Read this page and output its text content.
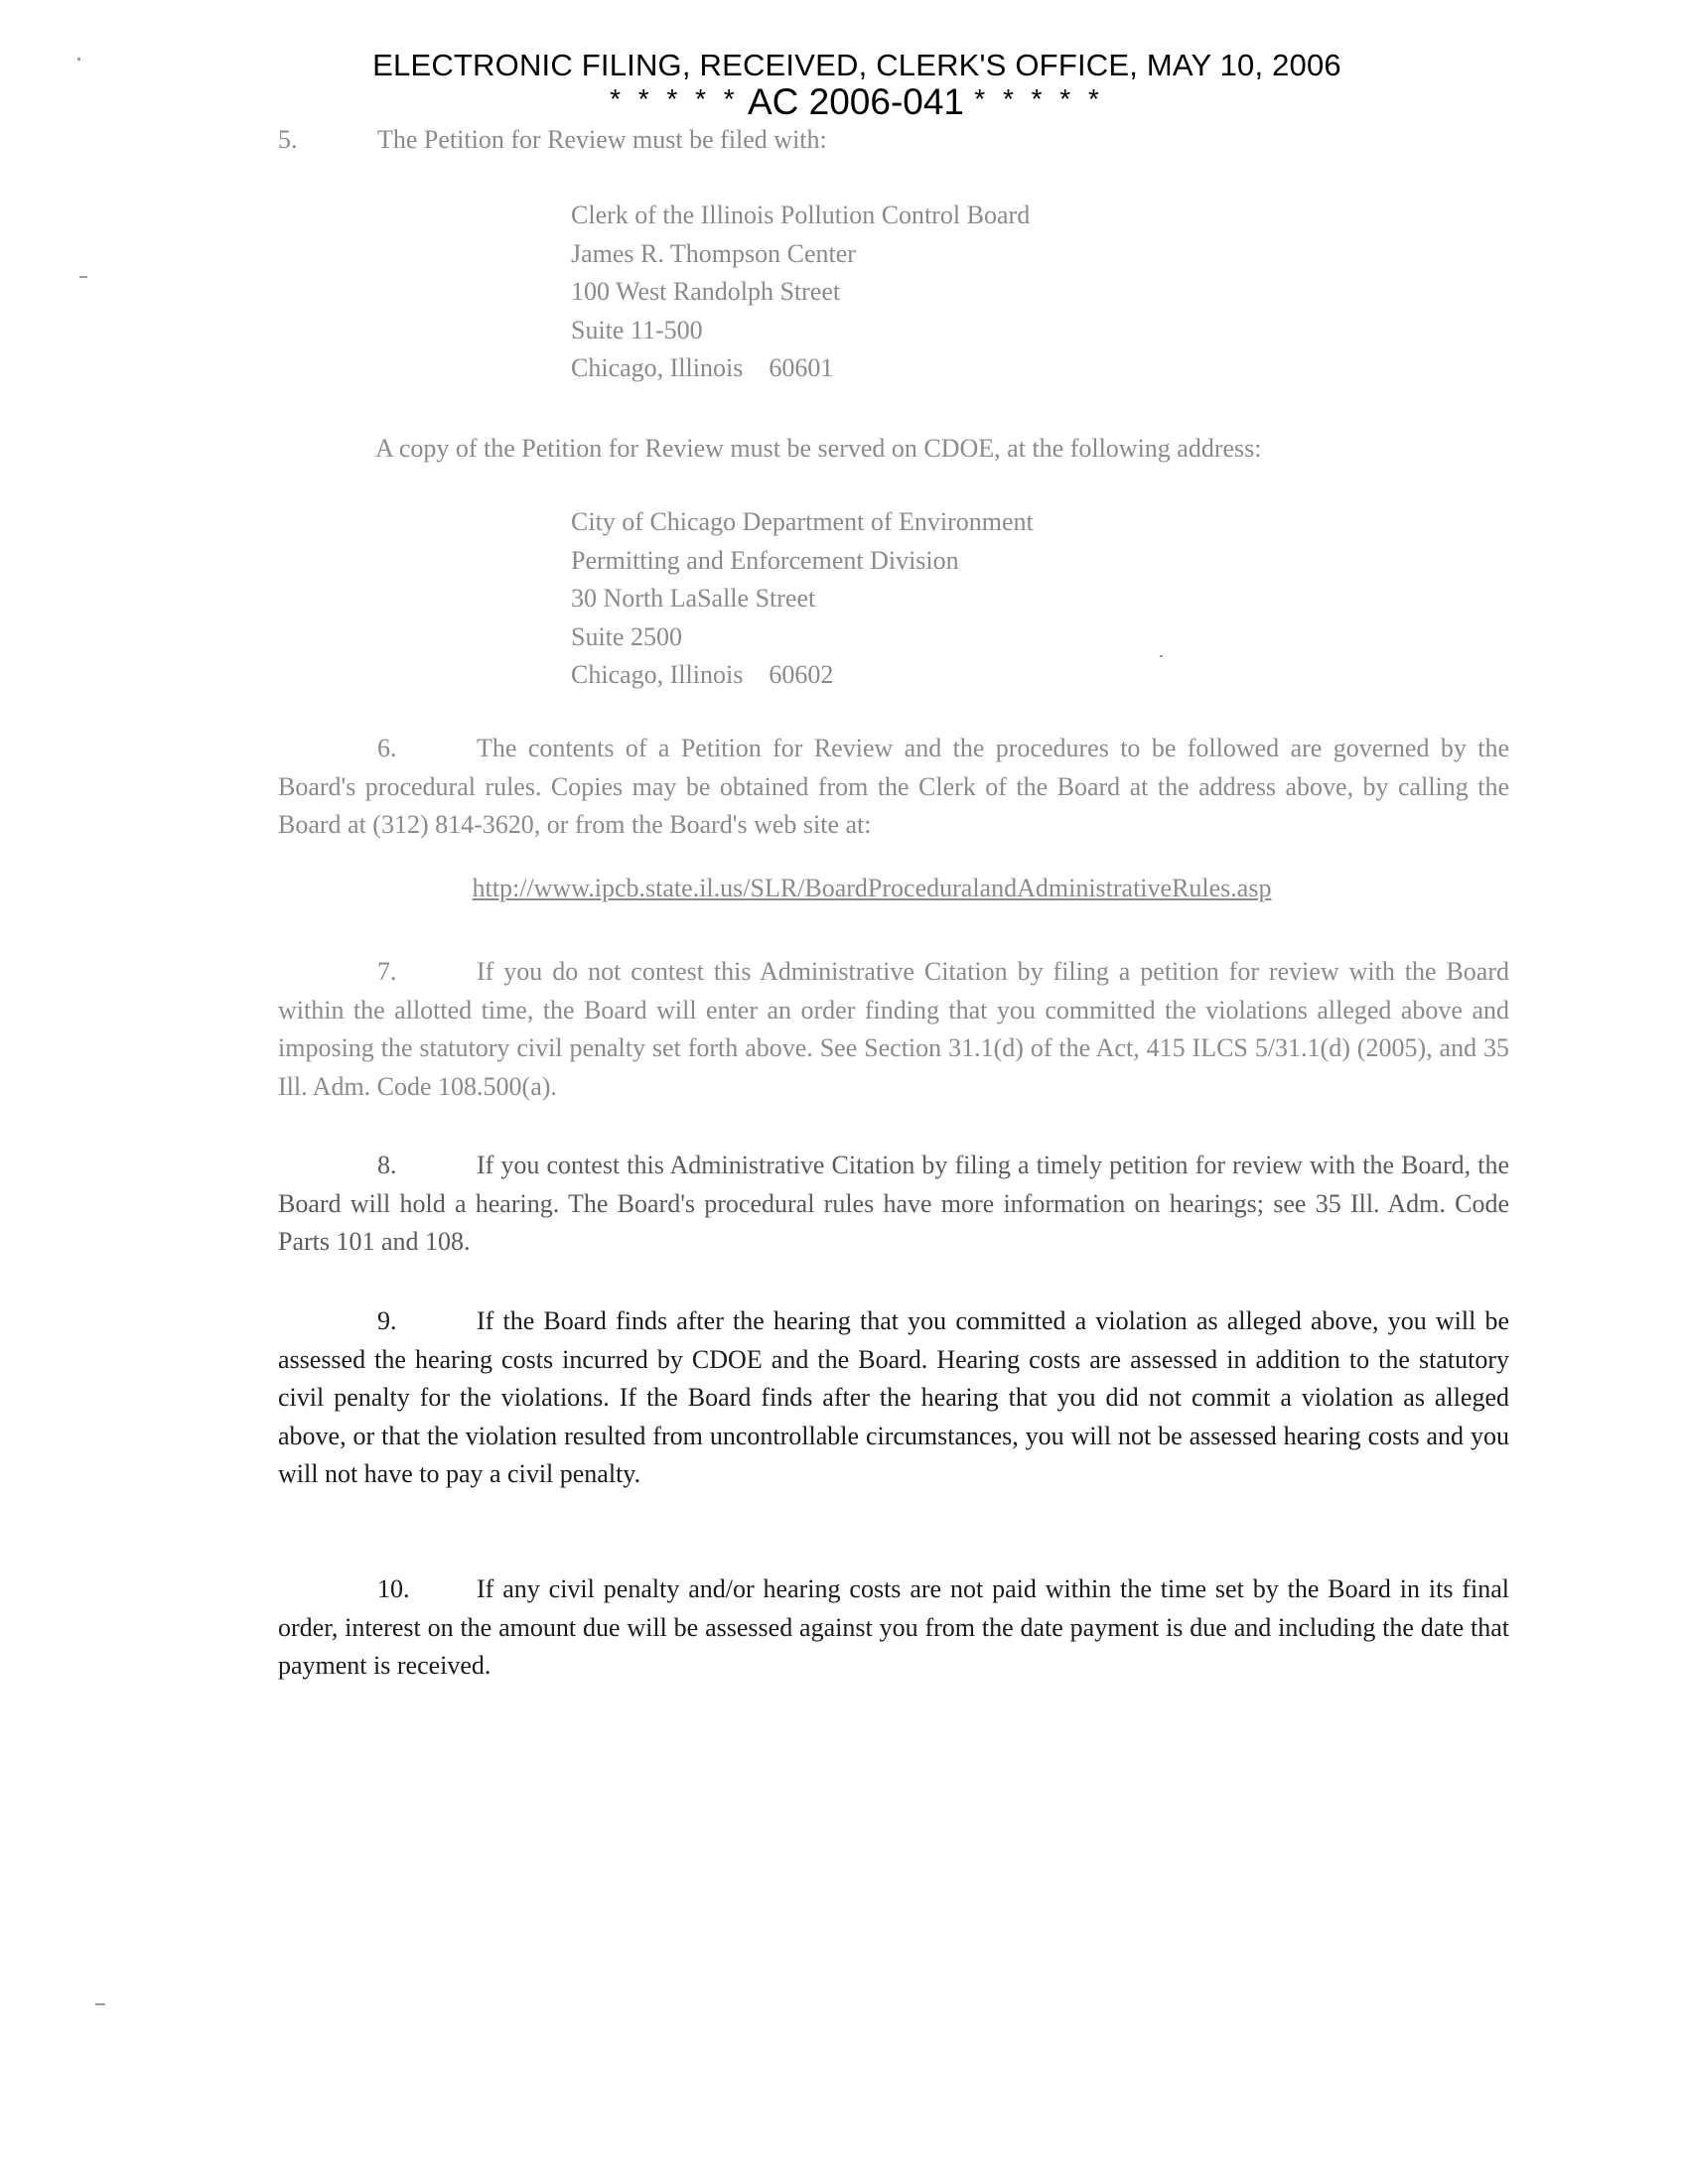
ELECTRONIC FILING, RECEIVED, CLERK'S OFFICE, MAY 10, 2006
* * * * * AC 2006-041 * * * * *
5.	The Petition for Review must be filed with:
Clerk of the Illinois Pollution Control Board
James R. Thompson Center
100 West Randolph Street
Suite 11-500
Chicago, Illinois    60601
A copy of the Petition for Review must be served on CDOE, at the following address:
City of Chicago Department of Environment
Permitting and Enforcement Division
30 North LaSalle Street
Suite 2500
Chicago, Illinois    60602
6.	The contents of a Petition for Review and the procedures to be followed are governed by the Board's procedural rules. Copies may be obtained from the Clerk of the Board at the address above, by calling the Board at (312) 814-3620, or from the Board's web site at:
http://www.ipcb.state.il.us/SLR/BoardProceduralandAdministrativeRules.asp
7.	If you do not contest this Administrative Citation by filing a petition for review with the Board within the allotted time, the Board will enter an order finding that you committed the violations alleged above and imposing the statutory civil penalty set forth above. See Section 31.1(d) of the Act, 415 ILCS 5/31.1(d) (2005), and 35 Ill. Adm. Code 108.500(a).
8.	If you contest this Administrative Citation by filing a timely petition for review with the Board, the Board will hold a hearing. The Board's procedural rules have more information on hearings; see 35 Ill. Adm. Code Parts 101 and 108.
9.	If the Board finds after the hearing that you committed a violation as alleged above, you will be assessed the hearing costs incurred by CDOE and the Board. Hearing costs are assessed in addition to the statutory civil penalty for the violations. If the Board finds after the hearing that you did not commit a violation as alleged above, or that the violation resulted from uncontrollable circumstances, you will not be assessed hearing costs and you will not have to pay a civil penalty.
10.	If any civil penalty and/or hearing costs are not paid within the time set by the Board in its final order, interest on the amount due will be assessed against you from the date payment is due and including the date that payment is received.
